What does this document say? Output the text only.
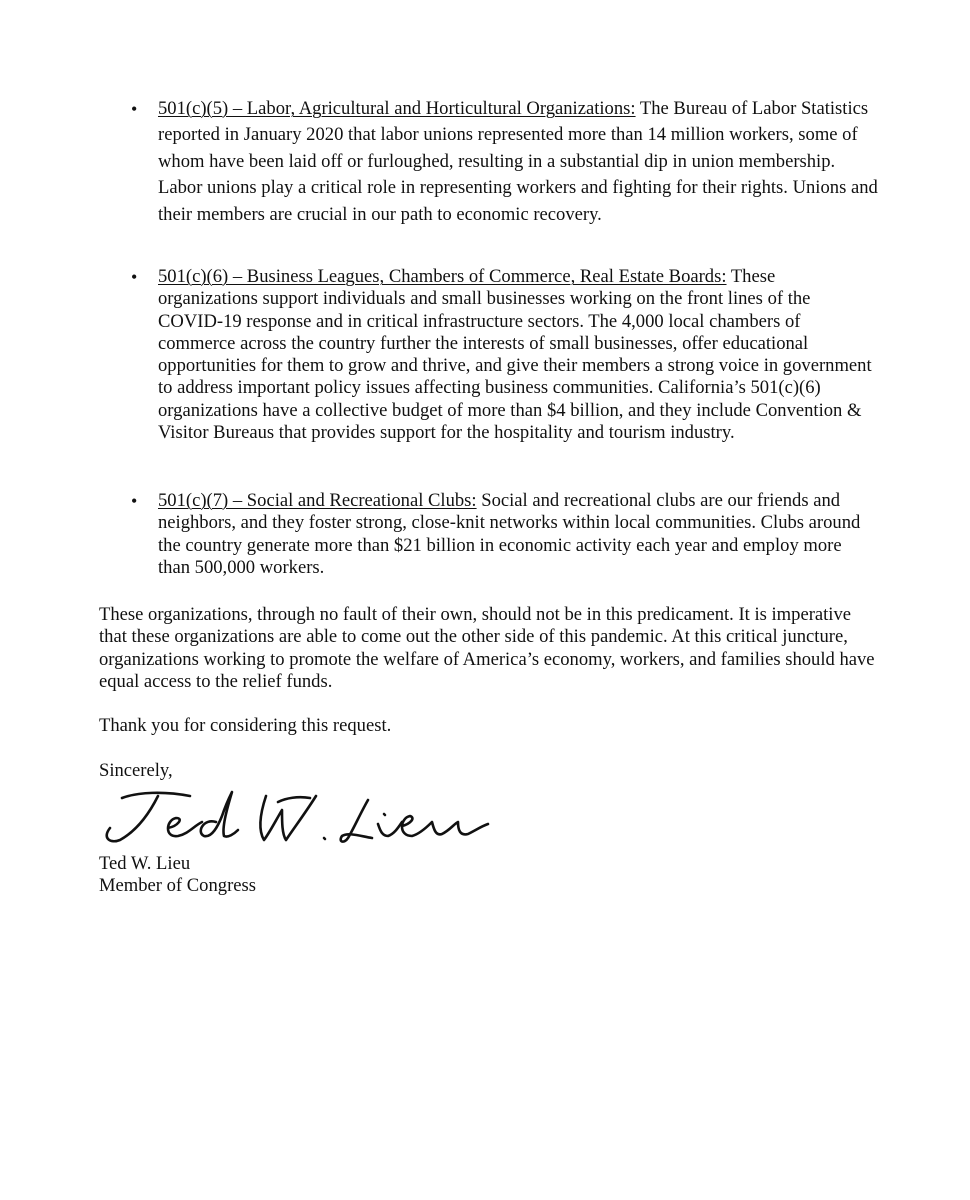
• 501(c)(5) – Labor, Agricultural and Horticultural Organizations: The Bureau of Labor Statistics reported in January 2020 that labor unions represented more than 14 million workers, some of whom have been laid off or furloughed, resulting in a substantial dip in union membership. Labor unions play a critical role in representing workers and fighting for their rights. Unions and their members are crucial in our path to economic recovery.
• 501(c)(6) – Business Leagues, Chambers of Commerce, Real Estate Boards: These organizations support individuals and small businesses working on the front lines of the COVID-19 response and in critical infrastructure sectors. The 4,000 local chambers of commerce across the country further the interests of small businesses, offer educational opportunities for them to grow and thrive, and give their members a strong voice in government to address important policy issues affecting business communities. California’s 501(c)(6) organizations have a collective budget of more than $4 billion, and they include Convention & Visitor Bureaus that provides support for the hospitality and tourism industry.
• 501(c)(7) – Social and Recreational Clubs: Social and recreational clubs are our friends and neighbors, and they foster strong, close-knit networks within local communities. Clubs around the country generate more than $21 billion in economic activity each year and employ more than 500,000 workers.
These organizations, through no fault of their own, should not be in this predicament. It is imperative that these organizations are able to come out the other side of this pandemic. At this critical juncture, organizations working to promote the welfare of America’s economy, workers, and families should have equal access to the relief funds.
Thank you for considering this request.
Sincerely,
Ted W. Lieu
Member of Congress
